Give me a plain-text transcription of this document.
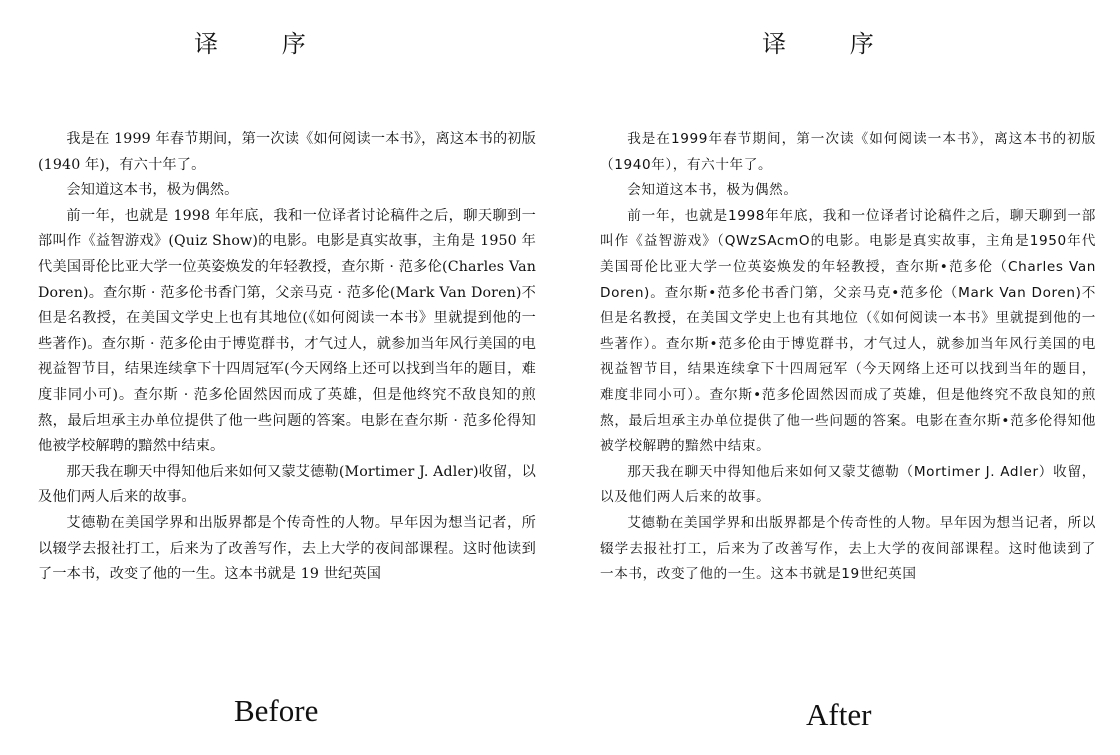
译 序

我是在 1999 年春节期间，第一次读《如何阅读一本书》，离这本书的初版(1940 年)，有六十年了。

会知道这本书，极为偶然。

前一年，也就是 1998 年年底，我和一位译者讨论稿件之后，聊天聊到一部叫作《益智游戏》(Quiz Show)的电影。电影是真实故事，主角是 1950 年代美国哥伦比亚大学一位英姿焕发的年轻教授，查尔斯 · 范多伦(Charles Van Doren)。查尔斯 · 范多伦书香门第，父亲马克 · 范多伦(Mark Van Doren)不但是名教授，在美国文学史上也有其地位(《如何阅读一本书》里就提到他的一些著作)。查尔斯 · 范多伦由于博览群书，才气过人，就参加当年风行美国的电视益智节目，结果连续拿下十四周冠军(今天网络上还可以找到当年的题目，难度非同小可)。查尔斯 · 范多伦固然因而成了英雄，但是他终究不敌良知的煎熬，最后坦承主办单位提供了他一些问题的答案。电影在查尔斯 · 范多伦得知他被学校解聘的黯然中结束。

那天我在聊天中得知他后来如何又蒙艾德勒(Mortimer J. Adler)收留，以及他们两人后来的故事。

艾德勒在美国学界和出版界都是个传奇性的人物。早年因为想当记者，所以辍学去报社打工，后来为了改善写作，去上大学的夜间部课程。这时他读到了一本书，改变了他的一生。这本书就是 19 世纪英国

译 序

我是在1999年春节期间，第一次读《如何阅读一本书》，离这本书的初版（1940年），有六十年了。

会知道这本书，极为偶然。

前一年，也就是1998年年底，我和一位译者讨论稿件之后，聊天聊到一部叫作《益智游戏》（QWzSAcmO的电影。电影是真实故事，主角是1950年代美国哥伦比亚大学一位英姿焕发的年轻教授，查尔斯•范多伦（Charles Van Doren)。查尔斯•范多伦书香门第，父亲马克•范多伦（Mark Van Doren)不但是名教授，在美国文学史上也有其地位（《如何阅读一本书》里就提到他的一些著作）。查尔斯•范多伦由于博览群书，才气过人，就参加当年风行美国的电视益智节目，结果连续拿下十四周冠军（今天网络上还可以找到当年的题目，难度非同小可）。查尔斯•范多伦固然因而成了英雄，但是他终究不敌良知的煎熬，最后坦承主办单位提供了他一些问题的答案。电影在查尔斯•范多伦得知他被学校解聘的黯然中结束。

那天我在聊天中得知他后来如何又蒙艾德勒（Mortimer J. Adler）收留，以及他们两人后来的故事。

艾德勒在美国学界和出版界都是个传奇性的人物。早年因为想当记者，所以辍学去报社打工，后来为了改善写作，去上大学的夜间部课程。这时他读到了一本书，改变了他的一生。这本书就是19世纪英国

Before	After
